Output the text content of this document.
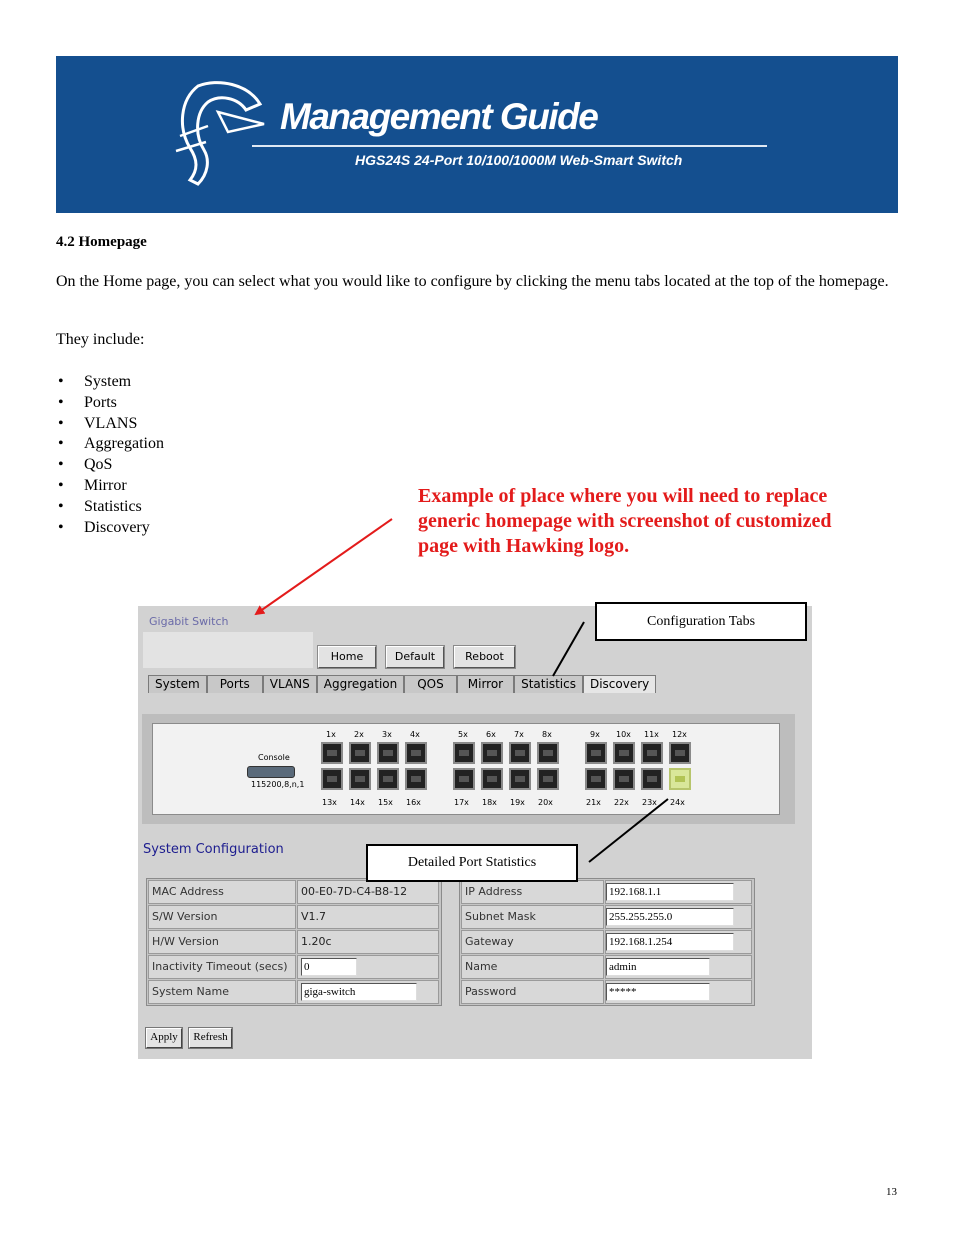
Management Guide
HGS24S 24-Port 10/100/1000M Web-Smart Switch
4.2 Homepage
On the Home page, you can select what you would like to configure by clicking the menu tabs located at the top of the homepage.
They include:
• System
• Ports
• VLANS
• Aggregation
• QoS
• Mirror
• Statistics
• Discovery
Example of place where you will need to replace generic homepage with screenshot of customized page with Hawking logo.
Gigabit Switch
Home	Default	Reboot
System	Ports	VLANS	Aggregation	QOS	Mirror	Statistics	Discovery
Console
115200,8,n,1
1x 2x 3x 4x	5x 6x 7x 8x	9x 10x 11x 12x
13x 14x 15x 16x	17x 18x 19x 20x	21x 22x 23x 24x
System Configuration
MAC Address	00-E0-7D-C4-B8-12
S/W Version	V1.7
H/W Version	1.20c
Inactivity Timeout (secs)	0
System Name	giga-switch
IP Address	192.168.1.1
Subnet Mask	255.255.255.0
Gateway	192.168.1.254
Name	admin
Password	*****
Apply	Refresh
Configuration Tabs
Detailed Port Statistics
13
